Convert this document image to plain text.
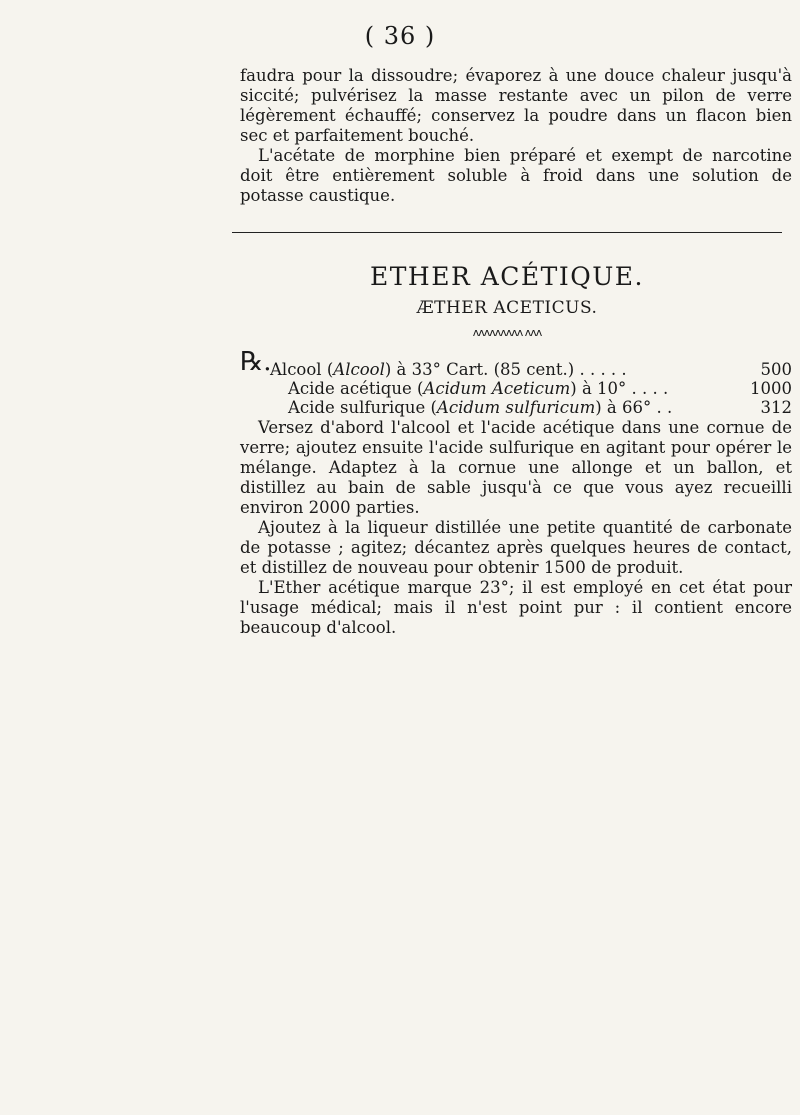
( 36 )

faudra pour la dissoudre; évaporez à une douce chaleur jusqu'à siccité; pulvérisez la masse restante avec un pilon de verre légèrement échauffé; conservez la poudre dans un flacon bien sec et parfaitement bouché.

L'acétate de morphine bien préparé et exempt de narcotine doit être entièrement soluble à froid dans une solution de potasse caustique.

ETHER ACÉTIQUE.
ÆTHER ACETICUS.
ʌʌʌʌʌʌʌʌʌ ʌʌʌ
℞.
Alcool (Alcool) à 33° Cart. (85 cent.) . . . . .	500
Acide acétique (Acidum Aceticum) à 10° . . . .	1000
Acide sulfurique (Acidum sulfuricum) à 66° . .	312

Versez d'abord l'alcool et l'acide acétique dans une cornue de verre; ajoutez ensuite l'acide sulfurique en agitant pour opérer le mélange. Adaptez à la cornue une allonge et un ballon, et distillez au bain de sable jusqu'à ce que vous ayez recueilli environ 2000 parties.

Ajoutez à la liqueur distillée une petite quantité de carbonate de potasse ; agitez; décantez après quelques heures de contact, et distillez de nouveau pour obtenir 1500 de produit.

L'Ether acétique marque 23°; il est employé en cet état pour l'usage médical; mais il n'est point pur : il contient encore beaucoup d'alcool.
